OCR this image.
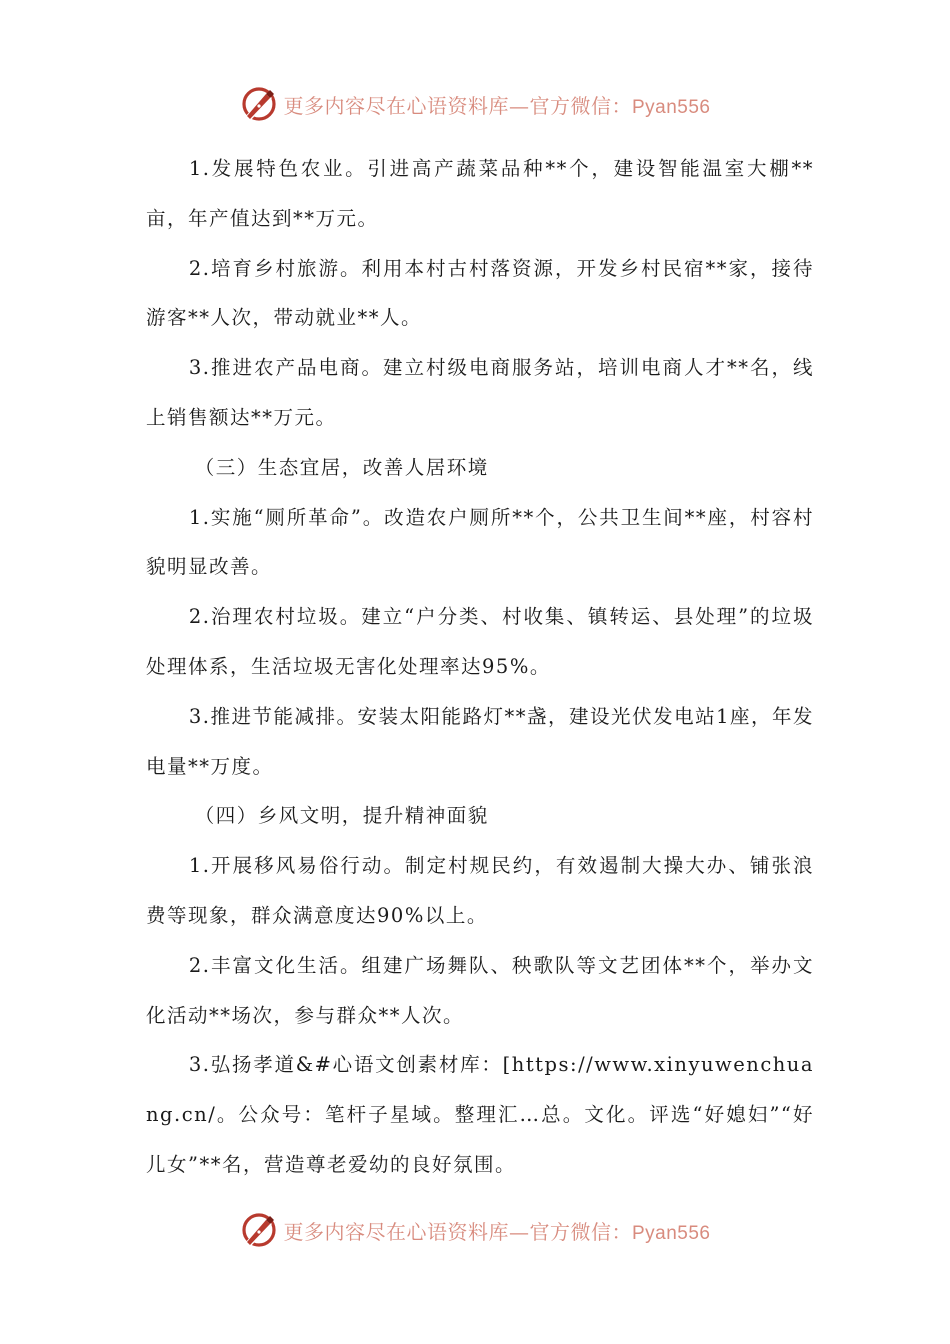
更多内容尽在心语资料库—官方微信：Pyan556

1.发展特色农业。引进高产蔬菜品种**个，建设智能温室大棚**亩，年产值达到**万元。

2.培育乡村旅游。利用本村古村落资源，开发乡村民宿**家，接待游客**人次，带动就业**人。

3.推进农产品电商。建立村级电商服务站，培训电商人才**名，线上销售额达**万元。

（三）生态宜居，改善人居环境

1.实施“厕所革命”。改造农户厕所**个，公共卫生间**座，村容村貌明显改善。

2.治理农村垃圾。建立“户分类、村收集、镇转运、县处理”的垃圾处理体系，生活垃圾无害化处理率达95%。

3.推进节能减排。安装太阳能路灯**盏，建设光伏发电站1座，年发电量**万度。

（四）乡风文明，提升精神面貌

1.开展移风易俗行动。制定村规民约，有效遏制大操大办、铺张浪费等现象，群众满意度达90%以上。

2.丰富文化生活。组建广场舞队、秧歌队等文艺团体**个，举办文化活动**场次，参与群众**人次。

3.弘扬孝道&#心语文创素材库：[https://www.xinyuwenchuang.cn/。公众号：笔杆子星域。整理汇…总。文化。评选“好媳妇”“好儿女”**名，营造尊老爱幼的良好氛围。

更多内容尽在心语资料库—官方微信：Pyan556
